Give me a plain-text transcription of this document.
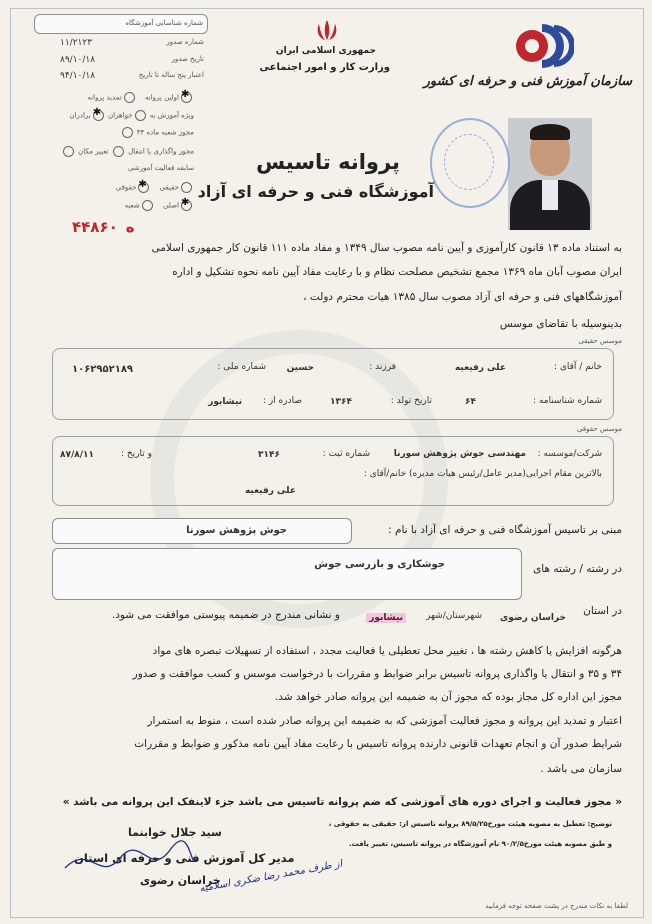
سازمان آموزش فنی و حرفه ای کشور
جمهوری اسلامی ایران
وزارت کار و امور اجتماعی
شماره شناسایی آموزشگاه
شماره صدور
۱۱/۲۱۲۳
تاریخ صدور
۸۹/۱۰/۱۸
اعتبار پنج ساله تا تاریخ
۹۴/۱۰/۱۸
✱اولین پروانه تمدید پروانه
ویژه آموزش به خواهران ✱برادران
مجوز شعبه ماده ۳۴
مجوز واگذاری یا انتقال  تغییر مکان
سابقه فعالیت آموزشی
حقیقی ✱حقوقی
✱اصلی شعبه
ه۴۴۸۶۰
پروانه تاسیس
آموزشگاه فنی و حرفه ای آزاد
به استناد ماده ۱۳ قانون کارآموزی و آیین نامه مصوب سال ۱۳۴۹ و مفاد ماده ۱۱۱ قانون کار جمهوری اسلامی
ایران مصوب آبان ماه ۱۳۶۹ مجمع تشخیص مصلحت نظام و با رعایت مفاد آیین نامه نحوه تشکیل و اداره
آموزشگاههای فنی و حرفه ای آزاد مصوب سال ۱۳۸۵ هیات محترم دولت ،
بدینوسیله با تقاضای موسس
موسس حقیقی
خانم / آقای :
علی رفیعیه
فرزند :
حسین
شماره ملی :
۱۰۶۲۹۵۲۱۸۹
شماره شناسنامه :
۶۴
تاریخ تولد :
۱۳۶۴
صادره از :
نیشابور
موسس حقوقی
شرکت/موسسه :
مهندسی جوش پژوهش سورنا
شماره ثبت :
۳۱۴۶
و تاریخ :
۸۷/۸/۱۱
بالاترین مقام اجرایی(مدیر عامل/رئیس هیات مدیره) خانم/آقای :
علی رفیعیه
مبنی بر تاسیس آموزشگاه فنی و حرفه ای آزاد با نام :
جوش پژوهش سورنا
در رشته / رشته های
جوشکاری و بازرسی جوش
در استان
خراسان رضوی
شهرستان/شهر
نیشابور
و نشانی مندرج در ضمیمه پیوستی موافقت می شود.
هرگونه افزایش یا کاهش رشته ها ، تغییر محل تعطیلی یا فعالیت مجدد ، استفاده از تسهیلات تبصره های مواد
۳۴ و ۳۵ و انتقال یا واگذاری پروانه تاسیس برابر ضوابط و مقررات با درخواست موسس و کسب موافقت و صدور
مجوز این اداره کل مجاز بوده که مجوز آن به ضمیمه این پروانه صادر خواهد شد.
اعتبار و تمدید این پروانه و مجوز فعالیت آموزشی که به ضمیمه این پروانه صادر شده است ، منوط به استمرار
شرایط صدور آن و انجام تعهدات قانونی دارنده پروانه تاسیس با رعایت مفاد آیین نامه مذکور و ضوابط و مقررات
سازمان می باشد .
« مجوز فعالیت و اجرای دوره های آموزشی که ضم پروانه تاسیس می باشد جزء لاینفک این پروانه می باشد »
توضیح: تعطیل به مصوبه هیئت مورخ۸۹/۵/۲۵ پروانه تاسیس از: حقیقی به حقوقی ،
و طبق مصوبه هیئت مورخ۹۰/۲/۵ نام آموزشگاه در پروانه تاسیس، تغییر یافت.
سید جلال خوابنما
مدیر کل آموزش فنی و حرفه ای استان
خراسان رضوی
از طرف محمد رضا ضکری اسلامیه
لطفا به نکات مندرج در پشت صفحه توجه فرمایید
